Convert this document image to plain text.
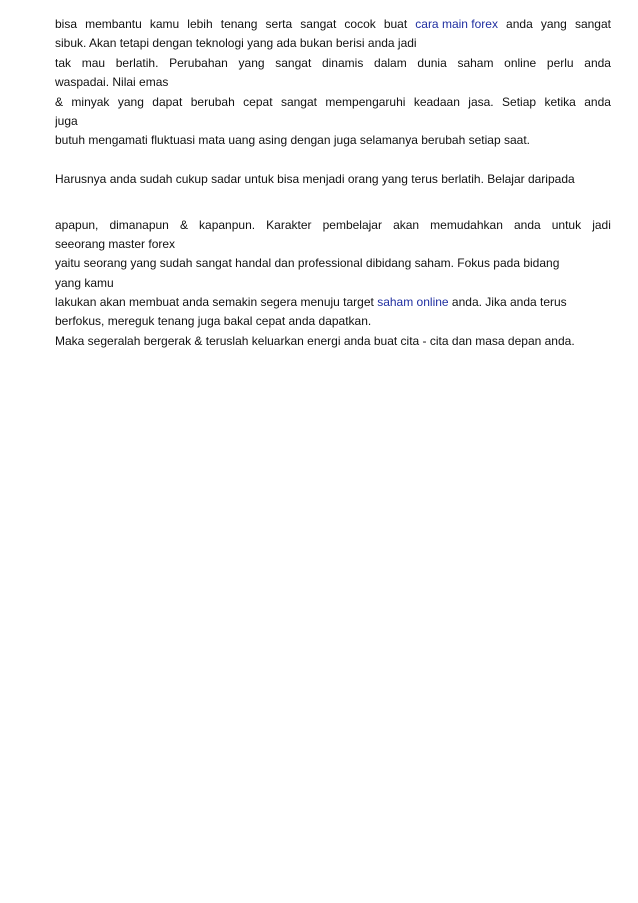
bisa membantu kamu lebih tenang serta sangat cocok buat cara main forex anda yang sangat
sibuk. Akan tetapi dengan teknologi yang ada bukan berisi anda jadi
tak mau berlatih. Perubahan yang sangat dinamis dalam dunia saham online perlu anda
waspadai. Nilai emas
& minyak yang dapat berubah cepat sangat mempengaruhi keadaan jasa. Setiap ketika anda
juga
butuh mengamati fluktuasi mata uang asing dengan juga selamanya berubah setiap saat.
Harusnya anda sudah cukup sadar untuk bisa menjadi orang yang terus berlatih. Belajar daripada
apapun, dimanapun & kapanpun. Karakter pembelajar akan memudahkan anda untuk jadi
seeorang master forex
yaitu seorang yang sudah sangat handal dan professional dibidang saham. Fokus pada bidang
yang kamu
lakukan akan membuat anda semakin segera menuju target saham online anda. Jika anda terus
berfokus, mereguk tenang juga bakal cepat anda dapatkan.
Maka segeralah bergerak & teruslah keluarkan energi anda buat cita - cita dan masa depan anda.
